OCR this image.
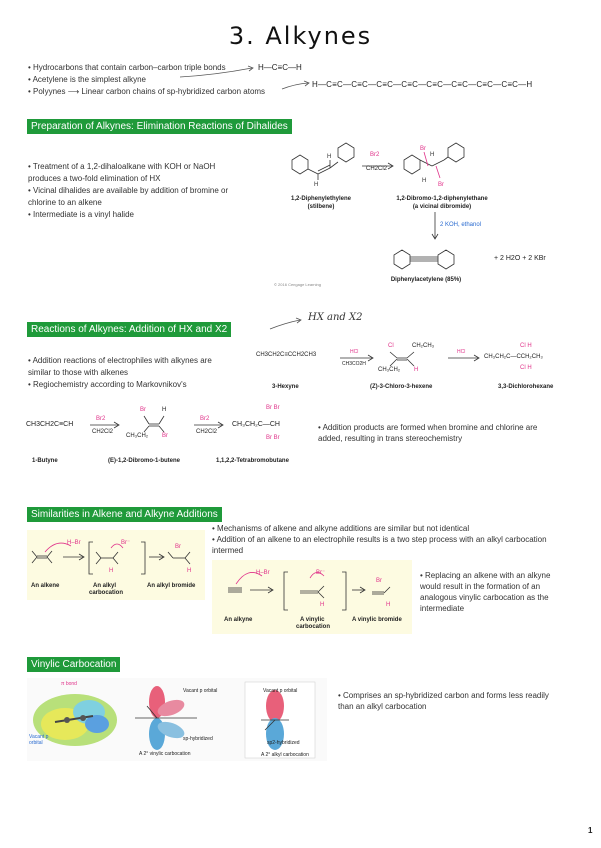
3. Alkynes
• Hydrocarbons that contain carbon–carbon triple bonds
• Acetylene is the simplest alkyne
• Polyynes ⟶ Linear carbon chains of sp-hybridized carbon atoms
H—C≡C—H
H—C≡C—C≡C—C≡C—C≡C—C≡C—C≡C—C≡C—C≡C—H
Preparation of Alkynes: Elimination Reactions of Dihalides
• Treatment of a 1,2-dihaloalkane with KOH or NaOH
produces a two-fold elimination of HX
• Vicinal dihalides are available by addition of bromine or
chlorine to an alkene
• Intermediate is a vinyl halide
H
H
Br
Br
H
H
Br2
CH2Cl2
1,2-Diphenylethylene
(stilbene)
1,2-Dibromo-1,2-diphenylethane
(a vicinal dibromide)
2 KOH, ethanol
+ 2 H2O + 2 KBr
Diphenylacetylene (85%)
© 2016 Cengage Learning
Reactions of Alkynes: Addition of HX and X2
HX and X2
• Addition reactions of electrophiles with alkynes are
similar to those with alkenes
• Regiochemistry according to Markovnikov's
CH3CH2C≡CCH2CH3	HCl
CH3CO2H
Cl	CH₂CH₃
CH₃CH₂ H
HCl
Cl H
CH₃CH₂C—CCH₂CH₃
Cl H
3-Hexyne	(Z)-3-Chloro-3-hexene	3,3-Dichlorohexane
CH3CH2C≡CH
Br2
CH2Cl2
Br	H
CH₃CH₂ Br
Br2
CH2Cl2
Br Br
CH₃CH₂C—CH
Br Br
1-Butyne	(E)-1,2-Dibromo-1-butene	1,1,2,2-Tetrabromobutane
• Addition products are formed when bromine and chlorine are
added, resulting in trans stereochemistry
Similarities in Alkene and Alkyne Additions
• Mechanisms of alkene and alkyne additions are similar but not identical
• Addition of an alkene to an electrophile results is a two step process with an alkyl carbocation
intermed
H–Br	Br⁻
H
Br
H
An alkene	An alkyl
carbocation
An alkyl bromide
H–Br	Br⁻
H
Br
H
An alkyne	A vinylic
carbocation
A vinylic bromide
• Replacing an alkene with an alkyne
would result in the formation of an
analogous vinylic carbocation as the
intermediate
Vinylic Carbocation
π bond
Vacant p orbital
Vacant p orbital
sp-hybridized
Vacant p orbital
sp2-hybridized
A 2° vinylic carbocation	A 2° alkyl carbocation
• Comprises an sp-hybridized carbon and forms less readily
than an alkyl carbocation
1
